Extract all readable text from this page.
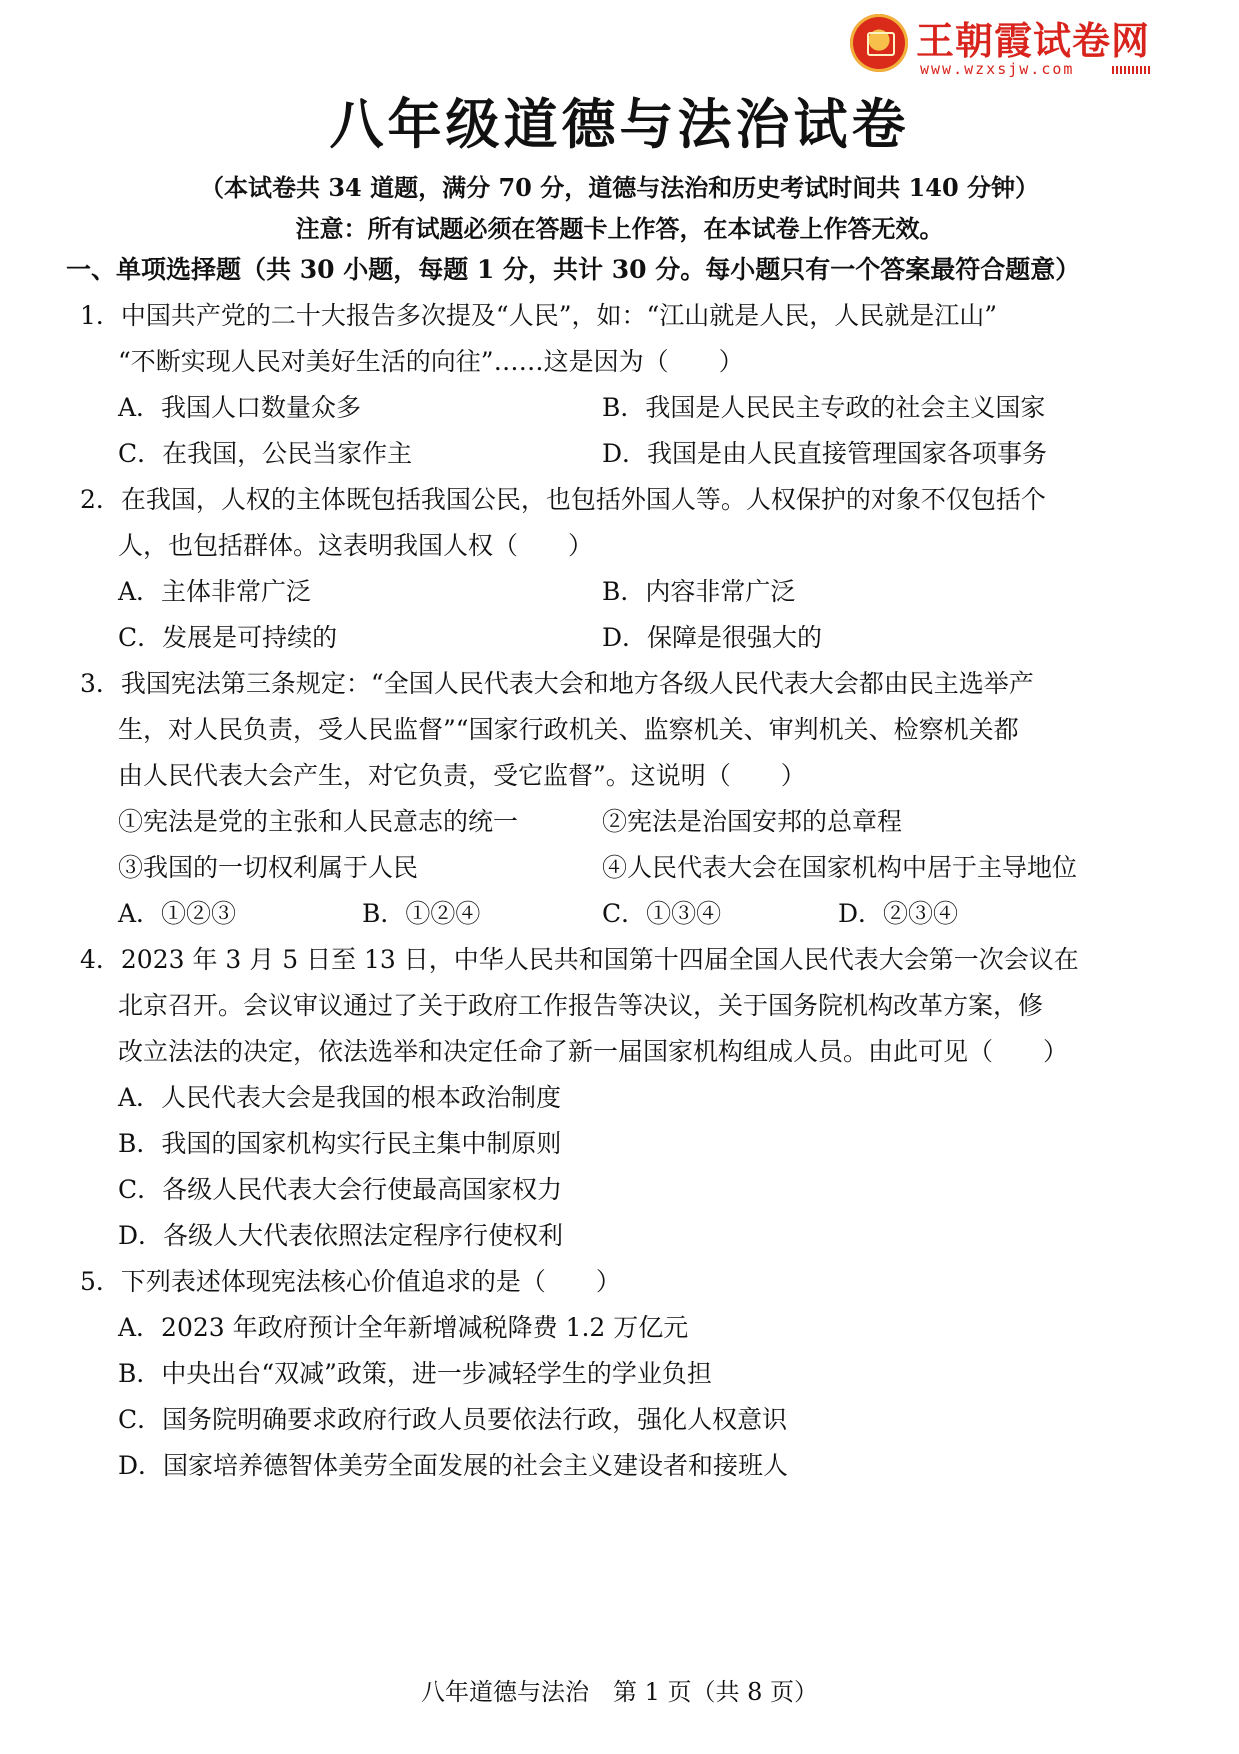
王朝霞试卷网
www.wzxsjw.com
八年级道德与法治试卷
（本试卷共 34 道题，满分 70 分，道德与法治和历史考试时间共 140 分钟）
注意：所有试题必须在答题卡上作答，在本试卷上作答无效。
一、单项选择题（共 30 小题，每题 1 分，共计 30 分。每小题只有一个答案最符合题意）
1．中国共产党的二十大报告多次提及“人民”，如：“江山就是人民，人民就是江山”
“不断实现人民对美好生活的向往”……这是因为（　　）
A．我国人口数量众多	B．我国是人民民主专政的社会主义国家
C．在我国，公民当家作主	D．我国是由人民直接管理国家各项事务
2．在我国，人权的主体既包括我国公民，也包括外国人等。人权保护的对象不仅包括个
人，也包括群体。这表明我国人权（　　）
A．主体非常广泛	B．内容非常广泛
C．发展是可持续的	D．保障是很强大的
3．我国宪法第三条规定：“全国人民代表大会和地方各级人民代表大会都由民主选举产
生，对人民负责，受人民监督”“国家行政机关、监察机关、审判机关、检察机关都
由人民代表大会产生，对它负责，受它监督”。这说明（　　）
①宪法是党的主张和人民意志的统一	②宪法是治国安邦的总章程
③我国的一切权利属于人民	④人民代表大会在国家机构中居于主导地位
A．①②③	B．①②④	C．①③④	D．②③④
4．2023 年 3 月 5 日至 13 日，中华人民共和国第十四届全国人民代表大会第一次会议在
北京召开。会议审议通过了关于政府工作报告等决议，关于国务院机构改革方案，修
改立法法的决定，依法选举和决定任命了新一届国家机构组成人员。由此可见（　　）
A．人民代表大会是我国的根本政治制度
B．我国的国家机构实行民主集中制原则
C．各级人民代表大会行使最高国家权力
D．各级人大代表依照法定程序行使权利
5．下列表述体现宪法核心价值追求的是（　　）
A．2023 年政府预计全年新增减税降费 1.2 万亿元
B．中央出台“双减”政策，进一步减轻学生的学业负担
C．国务院明确要求政府行政人员要依法行政，强化人权意识
D．国家培养德智体美劳全面发展的社会主义建设者和接班人
八年道德与法治　第 1 页（共 8 页）
